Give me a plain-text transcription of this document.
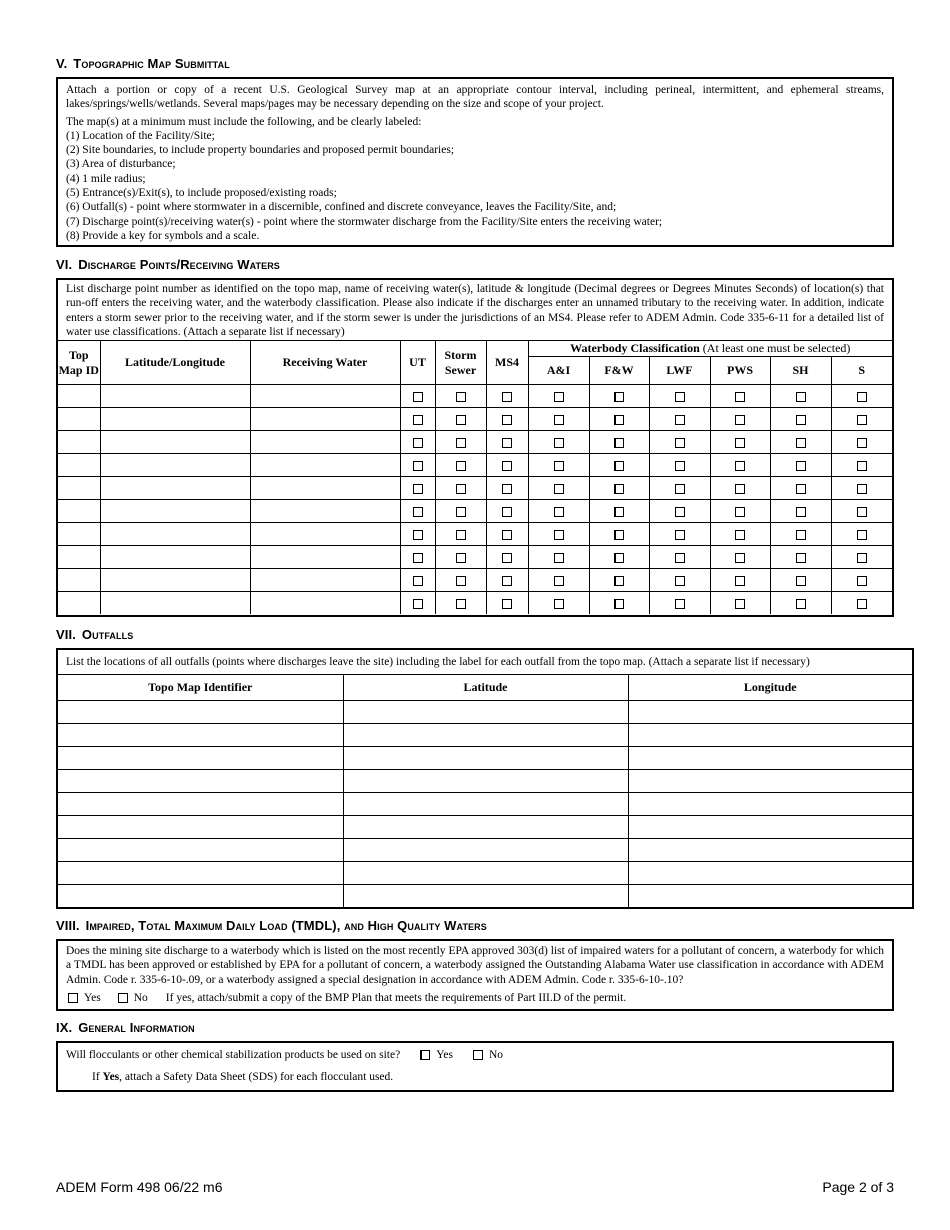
V. Topographic Map Submittal

Attach a portion or copy of a recent U.S. Geological Survey map at an appropriate contour interval, including perineal, intermittent, and ephemeral streams, lakes/springs/wells/wetlands. Several maps/pages may be necessary depending on the size and scope of your project.

The map(s) at a minimum must include the following, and be clearly labeled:

(1) Location of the Facility/Site;
(2) Site boundaries, to include property boundaries and proposed permit boundaries;
(3) Area of disturbance;
(4) 1 mile radius;
(5) Entrance(s)/Exit(s), to include proposed/existing roads;
(6) Outfall(s) - point where stormwater in a discernible, confined and discrete conveyance, leaves the Facility/Site, and;
(7) Discharge point(s)/receiving water(s) - point where the stormwater discharge from the Facility/Site enters the receiving water;
(8) Provide a key for symbols and a scale.
VI. Discharge Points/Receiving Waters
List discharge point number as identified on the topo map, name of receiving water(s), latitude & longitude (Decimal degrees or Degrees Minutes Seconds) of location(s) that run-off enters the receiving water, and the waterbody classification. Please also indicate if the discharges enter an unnamed tributary to the receiving water. In addition, indicate enters a storm sewer prior to the receiving water, and if the storm sewer is under the jurisdictions of an MS4. Please refer to ADEM Admin. Code 335-6-11 for a detailed list of water use classifications. (Attach a separate list if necessary)
Top Map ID	Latitude/Longitude	Receiving Water	UT	Storm Sewer	MS4	Waterbody Classification (At least one must be selected)					
						A&I	F&W	LWF	PWS	SH	S

VII. Outfalls
List the locations of all outfalls (points where discharges leave the site) including the label for each outfall from the topo map. (Attach a separate list if necessary)
Topo Map Identifier	Latitude	Longitude

VIII. Impaired, Total Maximum Daily Load (TMDL), and High Quality Waters

Does the mining site discharge to a waterbody which is listed on the most recently EPA approved 303(d) list of impaired waters for a pollutant of concern, a waterbody for which a TMDL has been approved or established by EPA for a pollutant of concern, a waterbody assigned the Outstanding Alabama Water use classification in accordance with ADEM Admin. Code r. 335-6-10-.09, or a waterbody assigned a special designation in accordance with ADEM Admin. Code r. 335-6-10-.10?

Yes	No If yes, attach/submit a copy of the BMP Plan that meets the requirements of Part III.D of the permit.
IX. General Information
Will flocculants or other chemical stabilization products be used on site?	Yes	No
If Yes, attach a Safety Data Sheet (SDS) for each flocculant used.
ADEM Form 498 06/22 m6	Page 2 of 3
